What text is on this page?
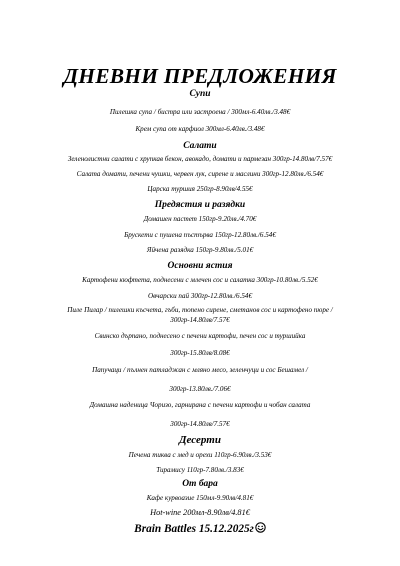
ДНЕВНИ ПРЕДЛОЖЕНИЯ
Супи
Пилешка супа / бистра или застроена / 300мл-6.40лв./3.48€
Крем супа от карфиол 300мл-6.40лв./3.48€
Салати
Зеленолистни салати с хрупкав бекон, авокадо, домати и пармезан 300гр-14.80лв/7.57€
Салата домати, печени чушки, червен лук, сирене и маслини 300гр-12.80лв./6.54€
Царска туршия 250гр-8.90лв/4.55€
Предястия и разядки
Домашен пастет 150гр-9.20лв./4.70€
Брускети с пушена пъстърва 150гр-12.80лв./6.54€
Яйчена разядка 150гр-9.80лв./5.01€
Основни ястия
Картофени кюфтета, поднесени с млечен сос и салатка 300гр-10.80лв./5.52€
Овчарски пай 300гр-12.80лв./6.54€
Пиле Пилар / пилешки късчета, гъби, топено сирене, сметанов сос и картофено пюре / 300гр-14.80лв/7.57€
Свинско дърпано, поднесено с печени картофи, печен сос и туршийка
300гр-15.80лв/8.08€
Папучаци / пълнен патладжан с мляно месо, зеленчуци и сос Бешамел /
300гр-13.80лв./7.06€
Домашна наденица Чоризо, гарнирана с печени картофи и чобан салата
300гр-14.80лв/7.57€
Десерти
Печена тиква с мед и орехи 110гр-6.90лв./3.53€
Тирамису 110гр-7.80лв./3.83€
От бара
Кафе курвоазие 150мл-9.90лв/4.81€
Brain Battles 15.12.2025г
Hot-wine 200мл-8.90лв/4.81€
